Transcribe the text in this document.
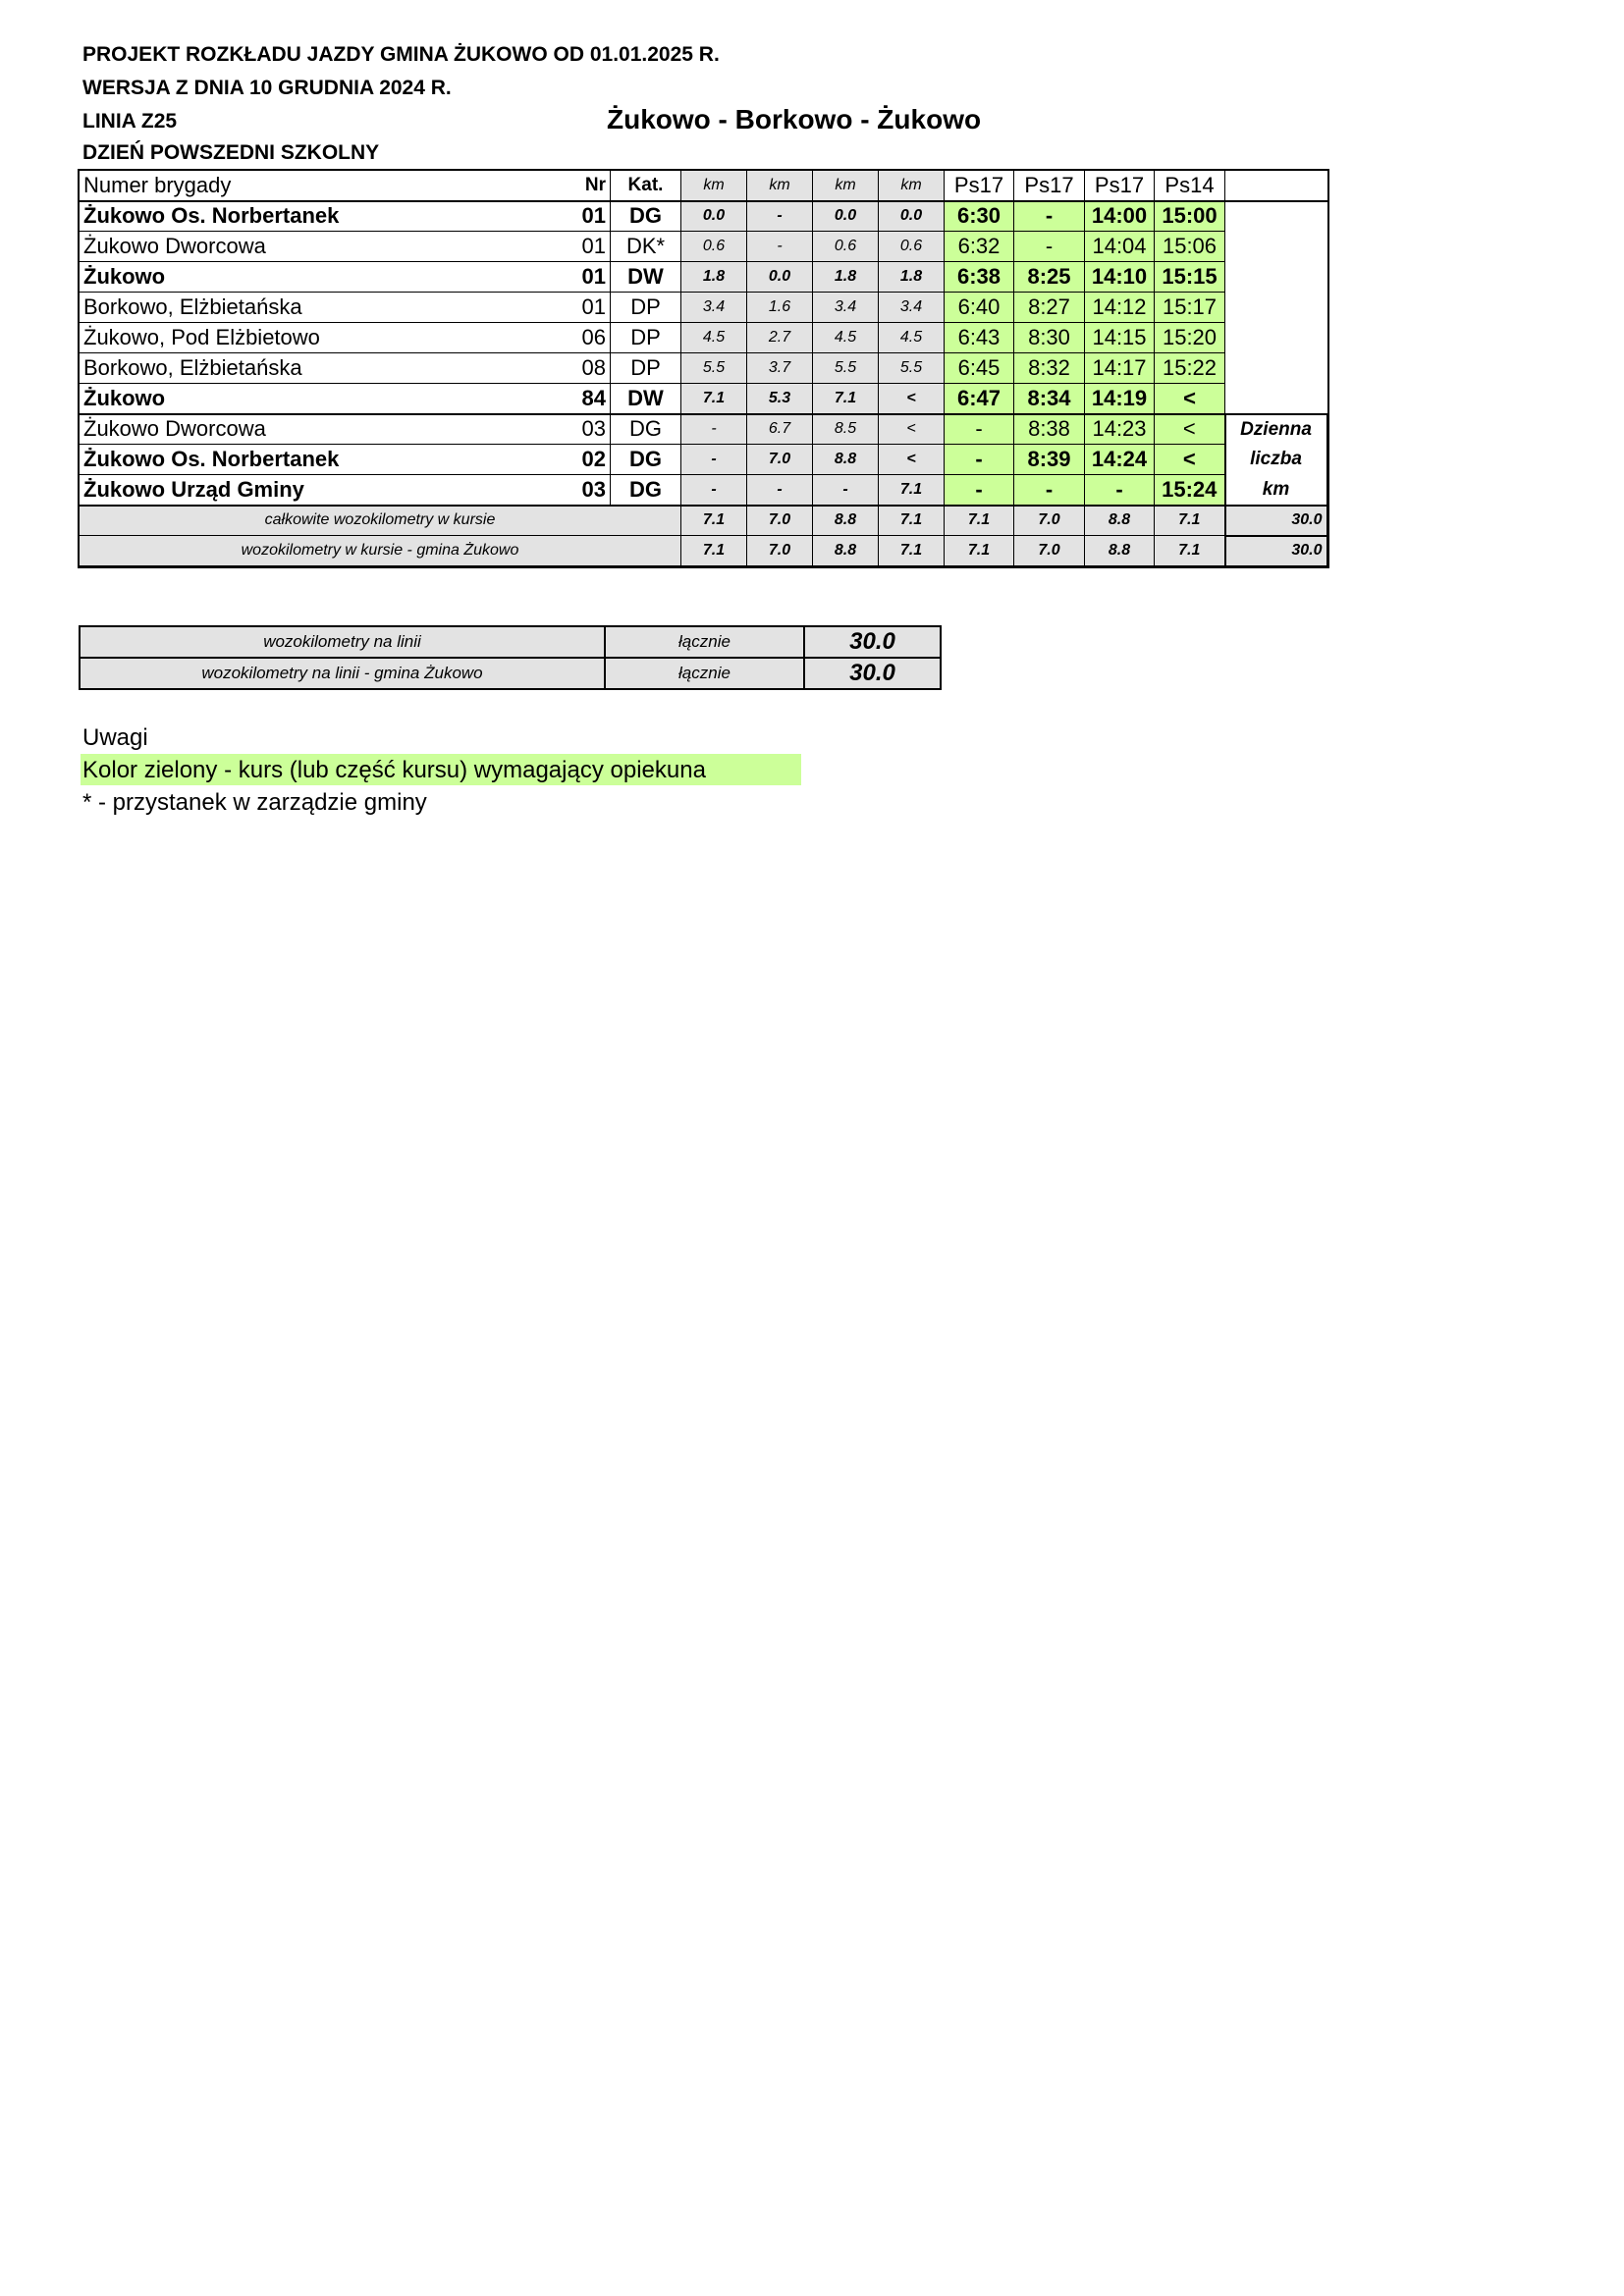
PROJEKT ROZKŁADU JAZDY GMINA ŻUKOWO OD 01.01.2025 R.
WERSJA Z DNIA 10 GRUDNIA 2024 R.
LINIA Z25
DZIEŃ POWSZEDNI SZKOLNY
Żukowo - Borkowo - Żukowo
Numer brygady	Nr	Kat.	km	km	km	km	Ps17	Ps17	Ps17	Ps14	
Żukowo Os. Norbertanek	01	DG	0.0	-	0.0	0.0	6:30	-	14:00	15:00	
Żukowo Dworcowa	01	DK*	0.6	-	0.6	0.6	6:32	-	14:04	15:06	
Żukowo	01	DW	1.8	0.0	1.8	1.8	6:38	8:25	14:10	15:15	
Borkowo, Elżbietańska	01	DP	3.4	1.6	3.4	3.4	6:40	8:27	14:12	15:17	
Żukowo, Pod Elżbietowo	06	DP	4.5	2.7	4.5	4.5	6:43	8:30	14:15	15:20	
Borkowo, Elżbietańska	08	DP	5.5	3.7	5.5	5.5	6:45	8:32	14:17	15:22	
Żukowo	84	DW	7.1	5.3	7.1	<	6:47	8:34	14:19	<	
Żukowo Dworcowa	03	DG	-	6.7	8.5	<	-	8:38	14:23	<	Dzienna
Żukowo Os. Norbertanek	02	DG	-	7.0	8.8	<	-	8:39	14:24	<	liczba
Żukowo Urząd Gminy	03	DG	-	-	-	7.1	-	-	-	15:24	km
całkowite wozokilometry w kursie			7.1	7.0	8.8	7.1	7.1	7.0	8.8	7.1	30.0
wozokilometry w kursie - gmina Żukowo			7.1	7.0	8.8	7.1	7.1	7.0	8.8	7.1	30.0
wozokilometry na linii	łącznie	30.0
wozokilometry na linii - gmina Żukowo	łącznie	30.0
Uwagi
Kolor zielony - kurs (lub część kursu) wymagający opiekuna
* - przystanek w zarządzie gminy
